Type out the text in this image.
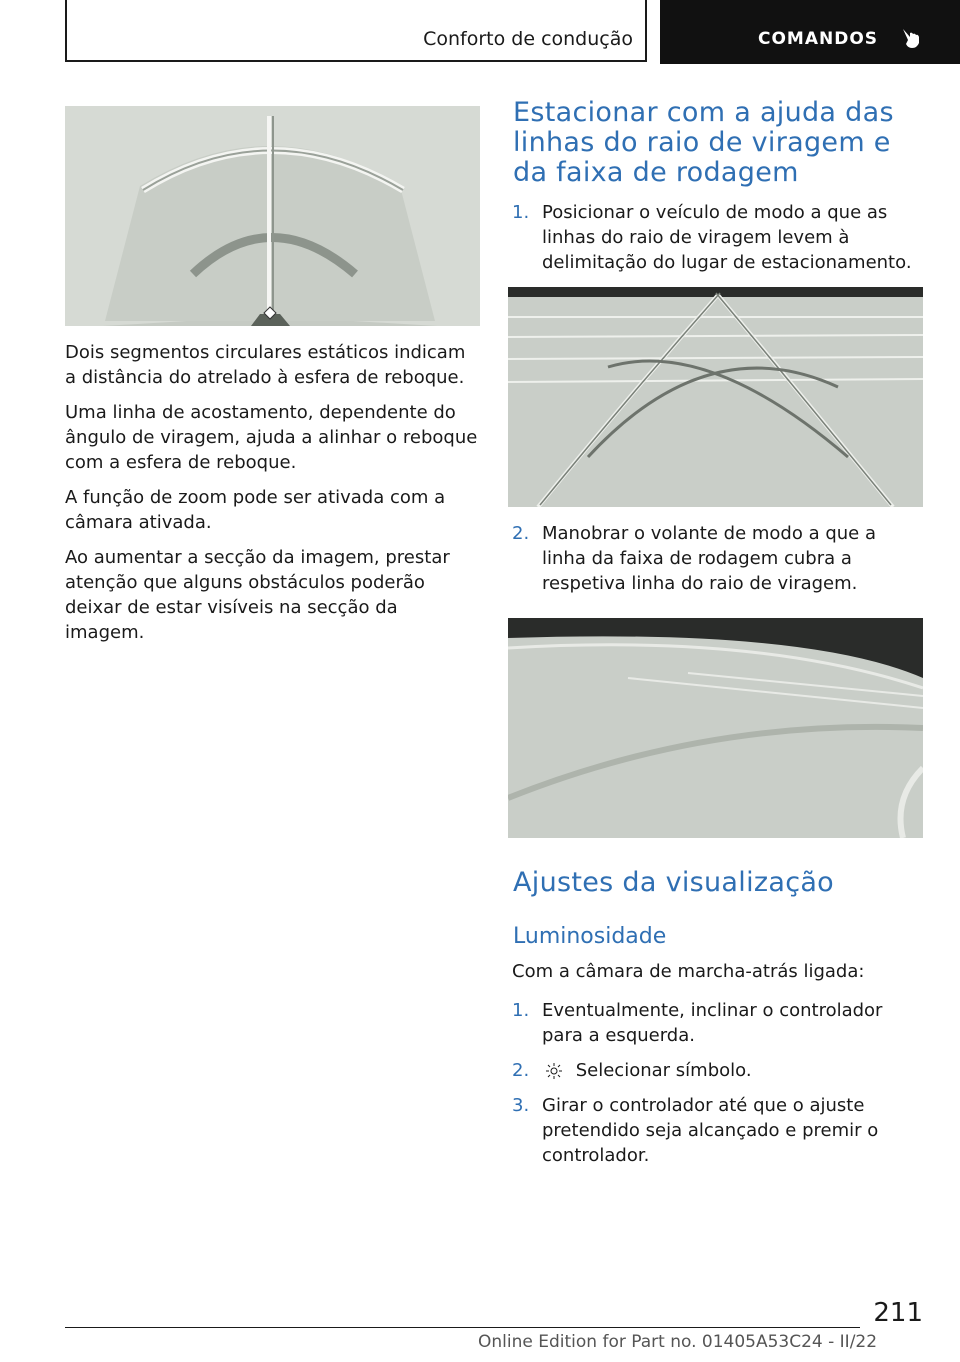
Conforto de condução	COMANDOS

Dois segmentos circulares estáticos indicam a distância do atrelado à esfera de reboque.

Uma linha de acostamento, dependente do ângulo de viragem, ajuda a alinhar o reboque com a esfera de reboque.

A função de zoom pode ser ativada com a câmara ativada.

Ao aumentar a secção da imagem, prestar atenção que alguns obstáculos poderão deixar de estar visíveis na secção da imagem.

Estacionar com a ajuda das linhas do raio de viragem e da faixa de rodagem
1. Posicionar o veículo de modo a que as linhas do raio de viragem levem à delimitação do lugar de estacionamento.
2. Manobrar o volante de modo a que a linha da faixa de rodagem cubra a respetiva linha do raio de viragem.
Ajustes da visualização
Luminosidade

Com a câmara de marcha-atrás ligada:

1. Eventualmente, inclinar o controlador para a esquerda.
2.	Selecionar símbolo.
3. Girar o controlador até que o ajuste pretendido seja alcançado e premir o controlador.
211
Online Edition for Part no. 01405A53C24 - II/22
